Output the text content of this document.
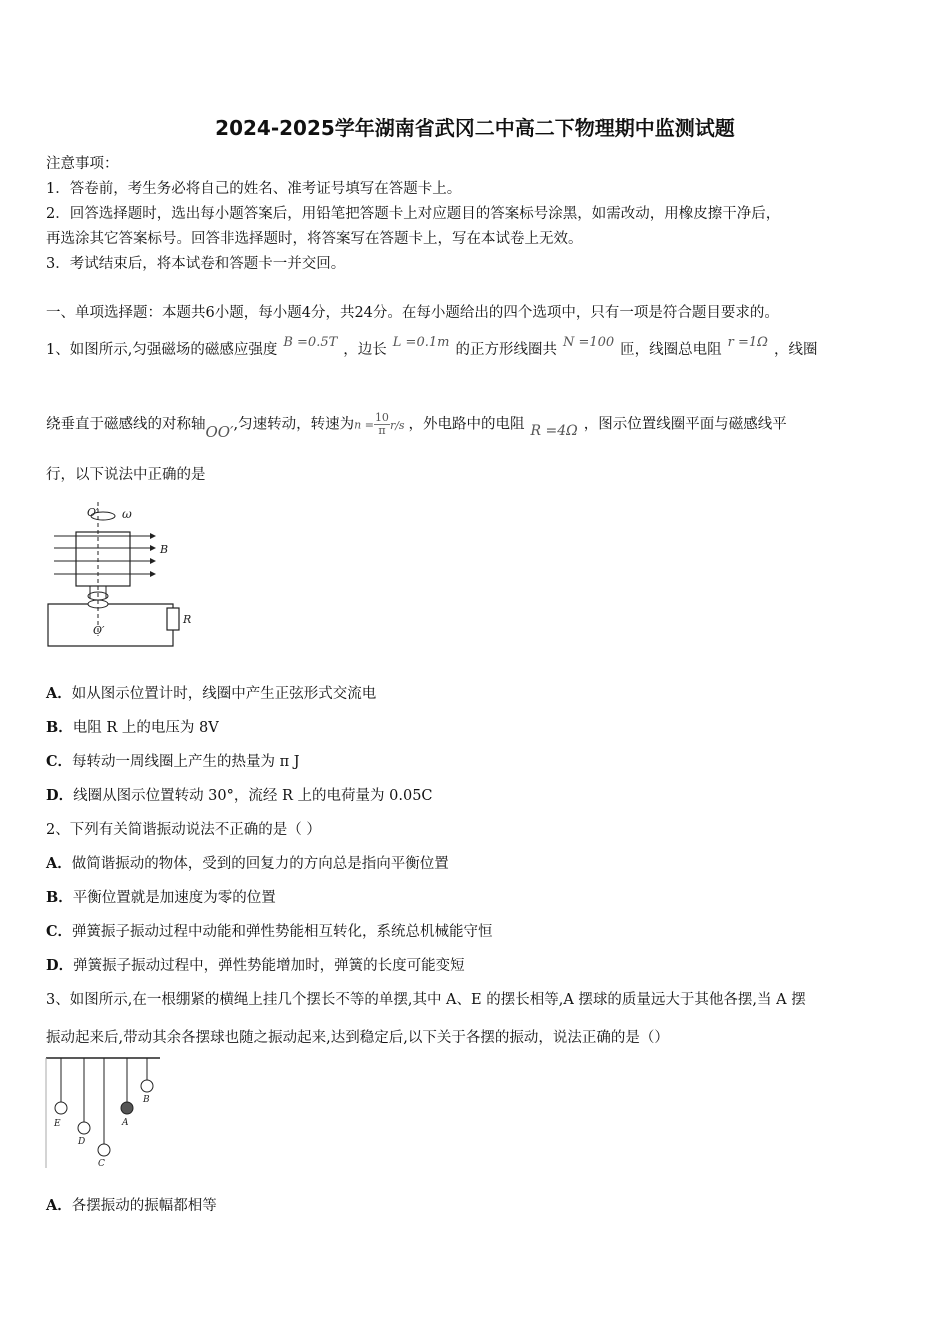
2024-2025学年湖南省武冈二中高二下物理期中监测试题
注意事项：
1．答卷前，考生务必将自己的姓名、准考证号填写在答题卡上。
2．回答选择题时，选出每小题答案后，用铅笔把答题卡上对应题目的答案标号涂黑，如需改动，用橡皮擦干净后，
再选涂其它答案标号。回答非选择题时，将答案写在答题卡上，写在本试卷上无效。
3．考试结束后，将本试卷和答题卡一并交回。
一、单项选择题：本题共6小题，每小题4分，共24分。在每小题给出的四个选项中，只有一项是符合题目要求的。
1、如图所示,匀强磁场的磁感应强度 B =0.5T ，边长 L =0.1m 的正方形线圈共 N =100 匝，线圈总电阻 r =1Ω ，线圈
绕垂直于磁感线的对称轴OO′,匀速转动，转速为$n = \frac{10}{\pi} r/s$ ，外电路中的电阻 R =4Ω ，图示位置线圈平面与磁感线平
行，以下说法中正确的是
O′ ω
B
R
O′
A．如从图示位置计时，线圈中产生正弦形式交流电
B．电阻 R 上的电压为 8V
C．每转动一周线圈上产生的热量为 π J
D．线圈从图示位置转动 30°，流经 R 上的电荷量为 0.05C
2、下列有关简谐振动说法不正确的是（ ）
A．做简谐振动的物体，受到的回复力的方向总是指向平衡位置
B．平衡位置就是加速度为零的位置
C．弹簧振子振动过程中动能和弹性势能相互转化，系统总机械能守恒
D．弹簧振子振动过程中，弹性势能增加时，弹簧的长度可能变短
3、如图所示,在一根绷紧的横绳上挂几个摆长不等的单摆,其中 A、E 的摆长相等,A 摆球的质量远大于其他各摆,当 A 摆
振动起来后,带动其余各摆球也随之振动起来,达到稳定后,以下关于各摆的振动，说法正确的是（）
E
D
C
A
B
A．各摆振动的振幅都相等
